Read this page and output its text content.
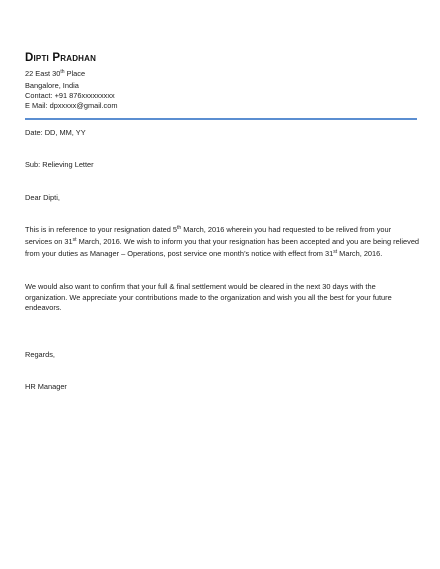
Dipti Pradhan
22 East 30th Place
Bangalore, India
Contact: +91 876xxxxxxxxx
E Mail: dpxxxxx@gmail.com
Date: DD, MM, YY
Sub: Relieving Letter
Dear Dipti,
This is in reference to your resignation dated 5th March, 2016 wherein you had requested to be relived from your
services on 31st March, 2016. We wish to inform you that your resignation has been accepted and you are being relieved
from your duties as Manager – Operations, post service one month’s notice with effect from 31st March, 2016.
We would also want to confirm that your full & final settlement would be cleared in the next 30 days with the
organization. We appreciate your contributions made to the organization and wish you all the best for your future
endeavors.
Regards,
HR Manager
